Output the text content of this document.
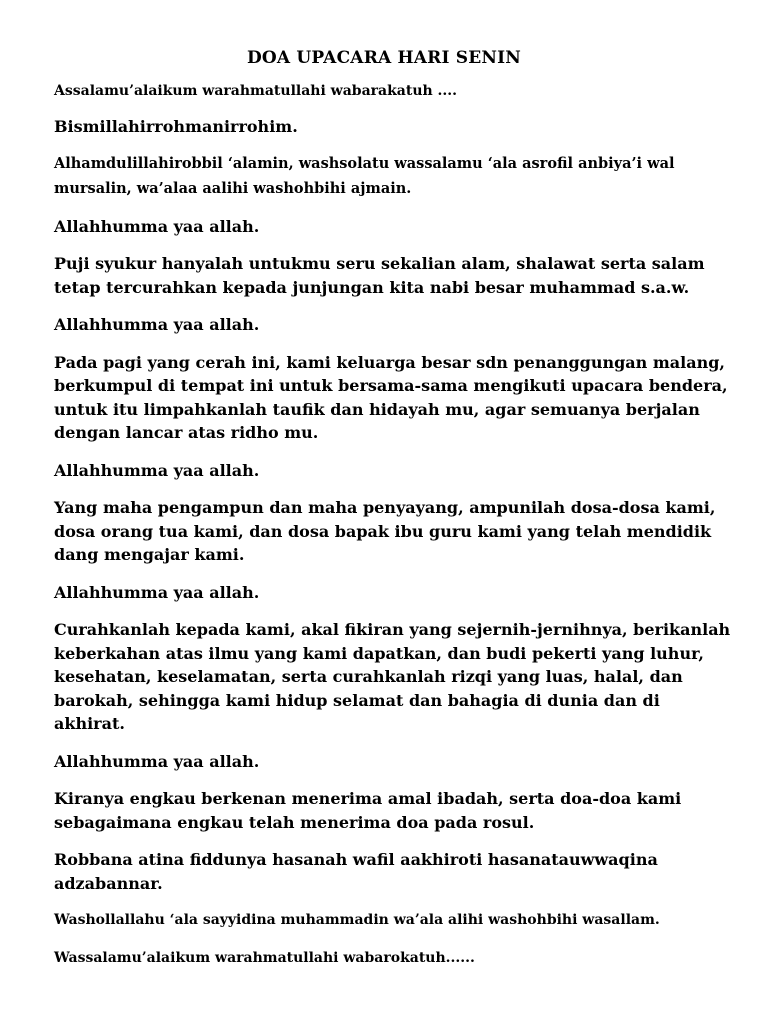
DOA UPACARA HARI SENIN

Assalamu’alaikum warahmatullahi wabarakatuh ....

Bismillahirrohmanirrohim.

Alhamdulillahirobbil ‘alamin, washsolatu wassalamu ‘ala asrofil anbiya’i wal mursalin, wa’alaa aalihi washohbihi ajmain.

Allahhumma yaa allah.

Puji syukur hanyalah untukmu seru sekalian alam, shalawat serta salam tetap tercurahkan kepada junjungan kita nabi besar muhammad s.a.w.

Allahhumma yaa allah.

Pada pagi yang cerah ini, kami keluarga besar sdn penanggungan malang, berkumpul di tempat ini untuk bersama-sama mengikuti upacara bendera, untuk itu limpahkanlah taufik dan hidayah mu, agar semuanya berjalan dengan lancar atas ridho mu.

Allahhumma yaa allah.

Yang maha pengampun dan maha penyayang, ampunilah dosa-dosa kami, dosa orang tua kami, dan dosa bapak ibu guru kami yang telah mendidik dang mengajar kami.

Allahhumma yaa allah.

Curahkanlah kepada kami, akal fikiran yang sejernih-jernihnya, berikanlah keberkahan atas ilmu yang kami dapatkan, dan budi pekerti yang luhur, kesehatan, keselamatan, serta curahkanlah rizqi yang luas, halal, dan barokah, sehingga kami hidup selamat dan bahagia di dunia dan di akhirat.

Allahhumma yaa allah.

Kiranya engkau berkenan menerima amal ibadah, serta doa-doa kami sebagaimana engkau telah menerima doa pada rosul.

Robbana atina fiddunya hasanah wafil aakhiroti hasanatauwwaqina adzabannar.

Washollallahu ‘ala sayyidina muhammadin wa’ala alihi washohbihi wasallam.

Wassalamu’alaikum warahmatullahi wabarokatuh......
